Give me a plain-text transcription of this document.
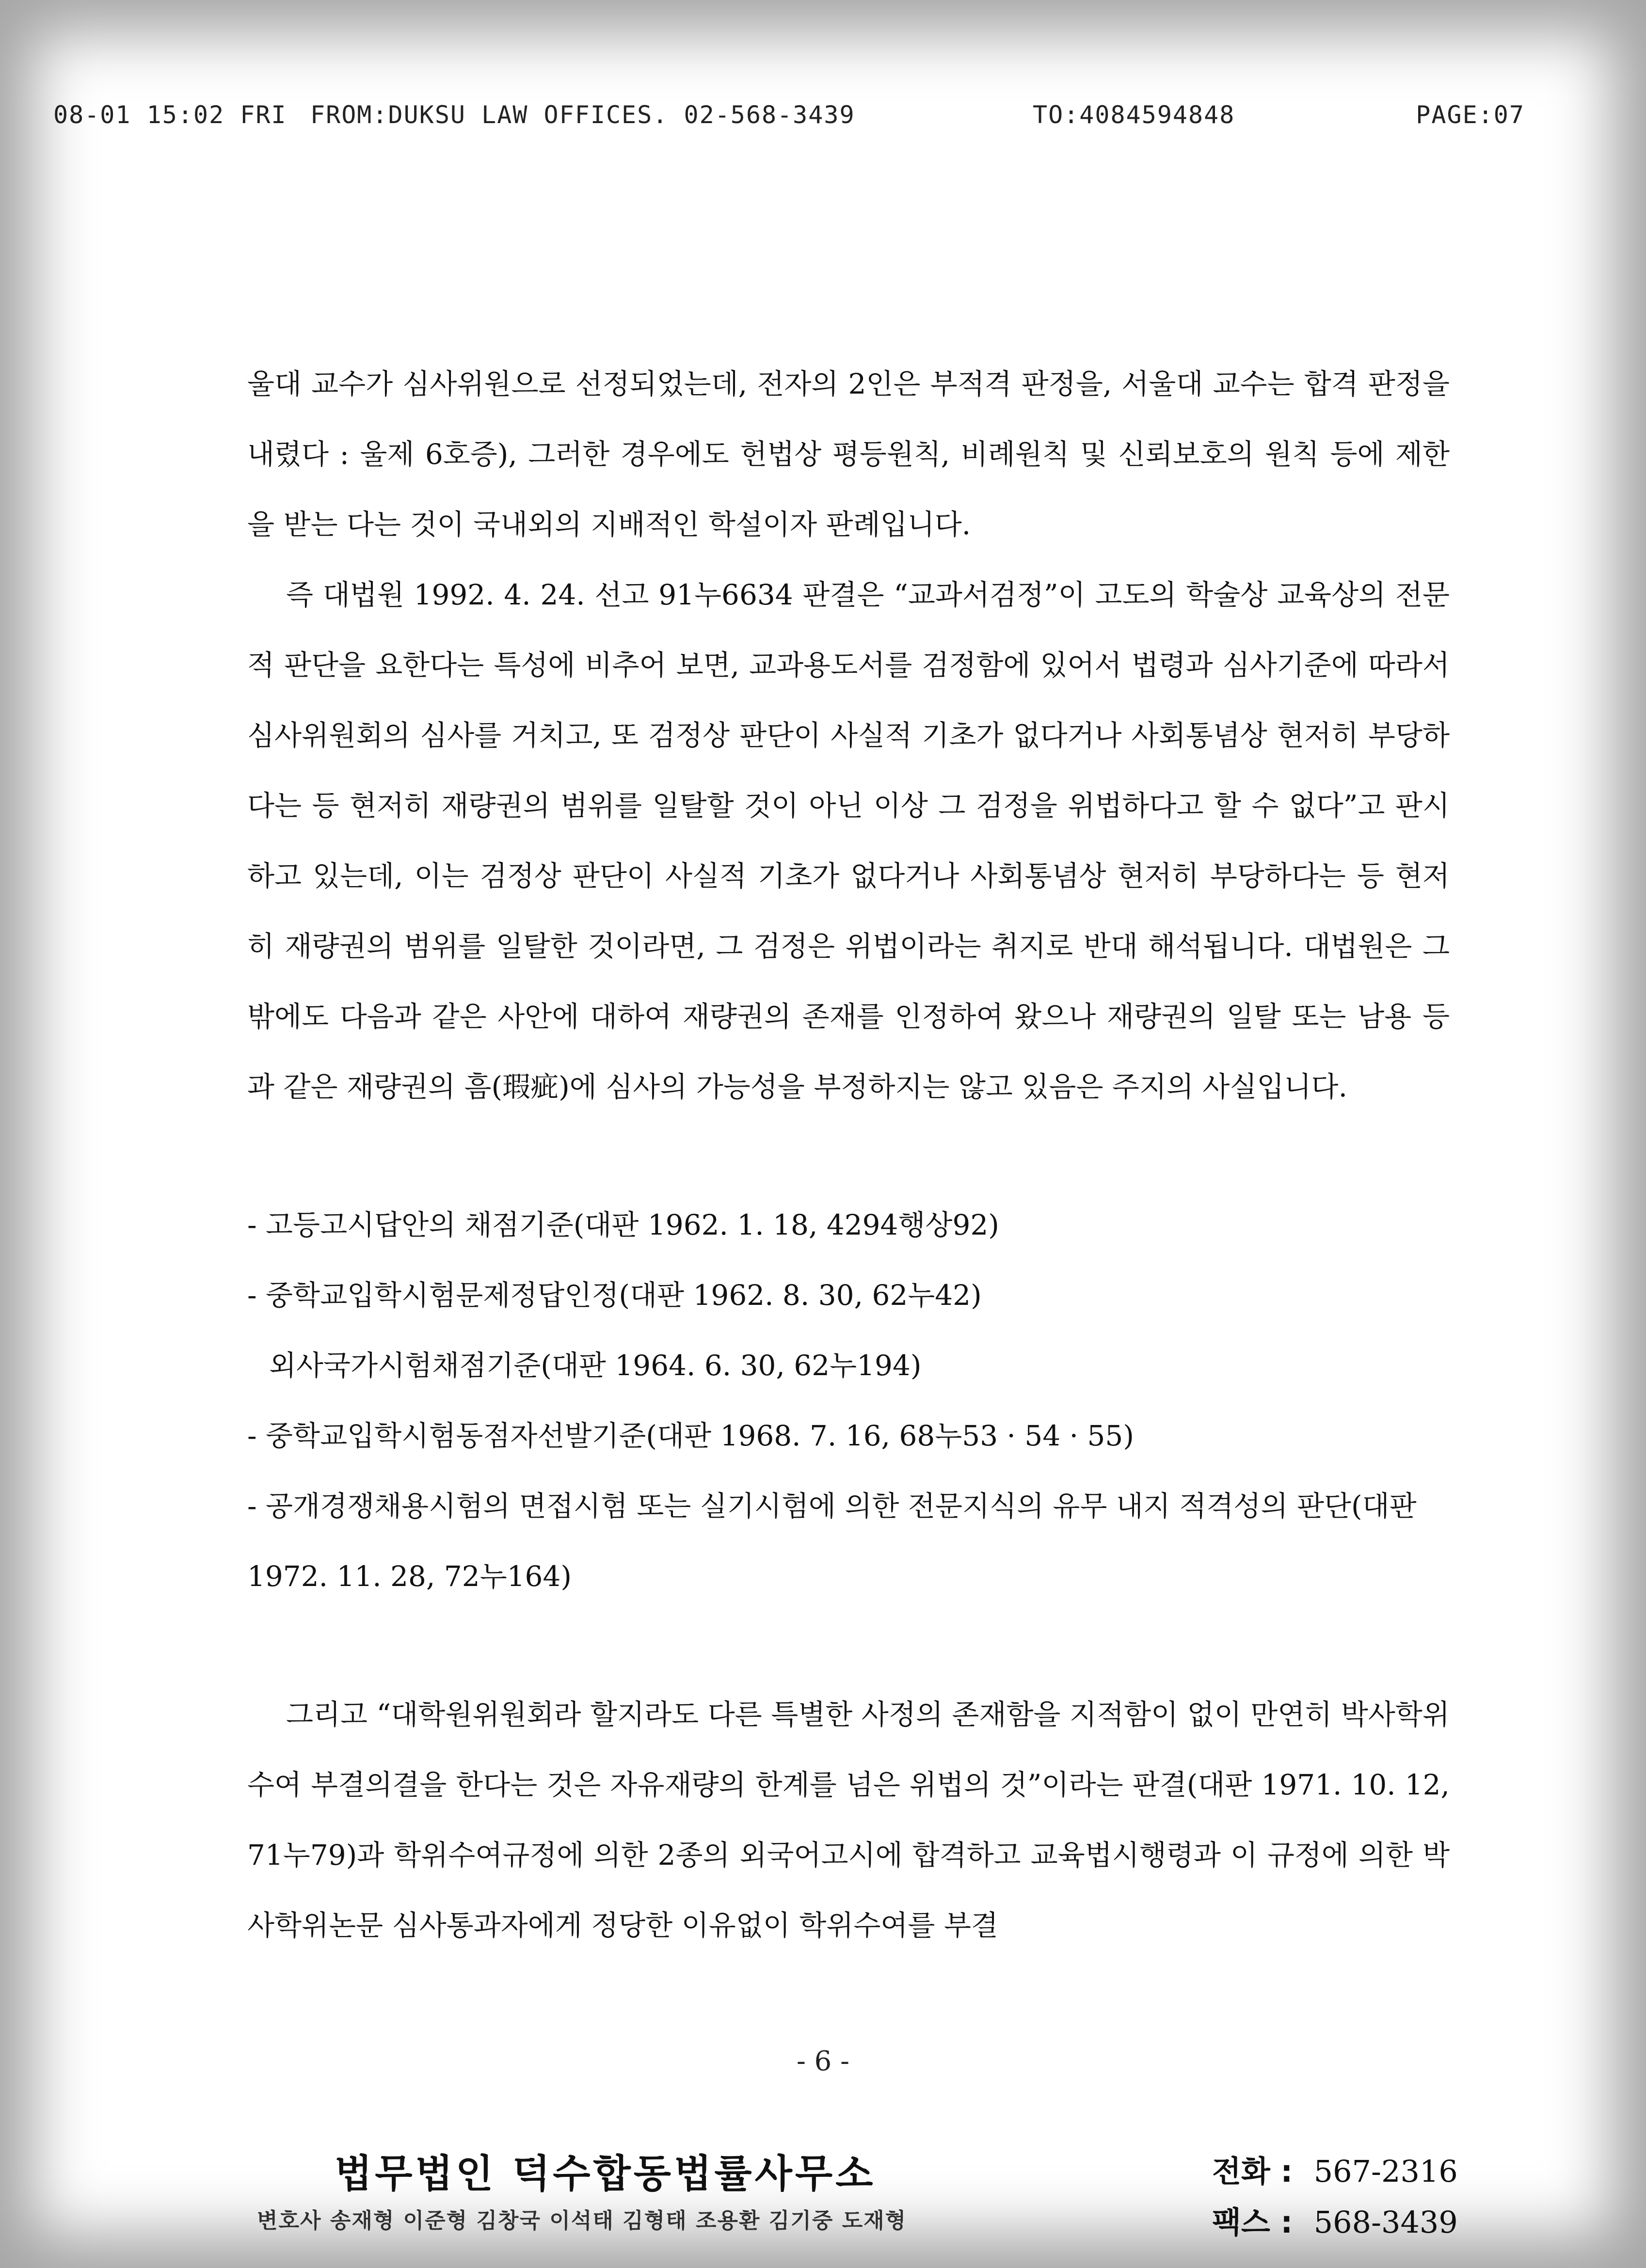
08-01 15:02 FRI FROM:DUKSU LAW OFFICES. 02-568-3439	TO:4084594848	PAGE:07

울대 교수가 심사위원으로 선정되었는데, 전자의 2인은 부적격 판정을, 서울대 교수는 합격 판정을 내렸다 : 울제 6호증), 그러한 경우에도 헌법상 평등원칙, 비례원칙 및 신뢰보호의 원칙 등에 제한을 받는 다는 것이 국내외의 지배적인 학설이자 판례입니다.

즉 대법원 1992. 4. 24. 선고 91누6634 판결은 “교과서검정”이 고도의 학술상 교육상의 전문적 판단을 요한다는 특성에 비추어 보면, 교과용도서를 검정함에 있어서 법령과 심사기준에 따라서 심사위원회의 심사를 거치고, 또 검정상 판단이 사실적 기초가 없다거나 사회통념상 현저히 부당하다는 등 현저히 재량권의 범위를 일탈할 것이 아닌 이상 그 검정을 위법하다고 할 수 없다”고 판시하고 있는데, 이는 검정상 판단이 사실적 기초가 없다거나 사회통념상 현저히 부당하다는 등 현저히 재량권의 범위를 일탈한 것이라면, 그 검정은 위법이라는 취지로 반대 해석됩니다. 대법원은 그 밖에도 다음과 같은 사안에 대하여 재량권의 존재를 인정하여 왔으나 재량권의 일탈 또는 남용 등과 같은 재량권의 흠(瑕疵)에 심사의 가능성을 부정하지는 않고 있음은 주지의 사실입니다.

- 고등고시답안의 채점기준(대판 1962. 1. 18, 4294행상92)

- 중학교입학시험문제정답인정(대판 1962. 8. 30, 62누42)

외사국가시험채점기준(대판 1964. 6. 30, 62누194)

- 중학교입학시험동점자선발기준(대판 1968. 7. 16, 68누53 · 54 · 55)

- 공개경쟁채용시험의 면접시험 또는 실기시험에 의한 전문지식의 유무 내지 적격성의 판단(대판 1972. 11. 28, 72누164)

그리고 “대학원위원회라 할지라도 다른 특별한 사정의 존재함을 지적함이 없이 만연히 박사학위수여 부결의결을 한다는 것은 자유재량의 한계를 넘은 위법의 것”이라는 판결(대판 1971. 10. 12, 71누79)과 학위수여규정에 의한 2종의 외국어고시에 합격하고 교육법시행령과 이 규정에 의한 박사학위논문 심사통과자에게 정당한 이유없이 학위수여를 부결

- 6 -
법무법인 덕수합동법률사무소
변호사 송재형 이준형 김창국 이석태 김형태 조용환 김기중 도재형
전화 : 567-2316
팩스 : 568-3439
